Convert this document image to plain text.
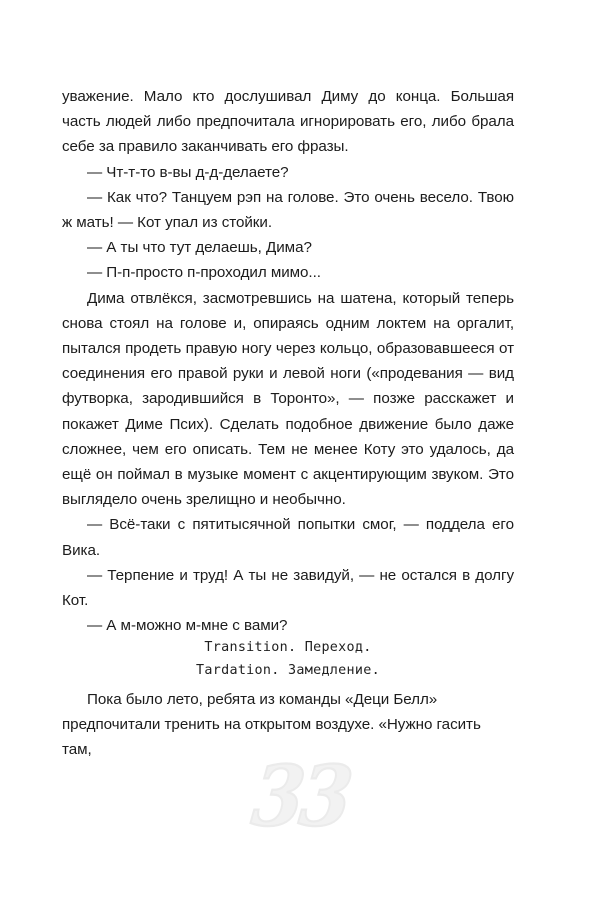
уважение. Мало кто дослушивал Диму до конца. Большая часть людей либо предпочитала игнорировать его, либо брала себе за правило заканчивать его фразы.

— Чт-т-то в-вы д-д-делаете?

— Как что? Танцуем рэп на голове. Это очень весело. Твою ж мать! — Кот упал из стойки.

— А ты что тут делаешь, Дима?

— П-п-просто п-проходил мимо...

Дима отвлёкся, засмотревшись на шатена, который теперь снова стоял на голове и, опираясь одним локтем на оргалит, пытался продеть правую ногу через кольцо, образовавшееся от соединения его правой руки и левой ноги («продевания — вид футворка, зародившийся в Торонто», — позже расскажет и покажет Диме Псих). Сделать подобное движение было даже сложнее, чем его описать. Тем не менее Коту это удалось, да ещё он поймал в музыке момент с акцентирующим звуком. Это выглядело очень зрелищно и необычно.

— Всё-таки с пятитысячной попытки смог, — поддела его Вика.

— Терпение и труд! А ты не завидуй, — не остался в долгу Кот.

— А м-можно м-мне с вами?

Transition. Переход.

Tardation. Замедление.

Пока было лето, ребята из команды «Деци Белл» предпочитали тренить на открытом воздухе. «Нужно гасить там,	33
